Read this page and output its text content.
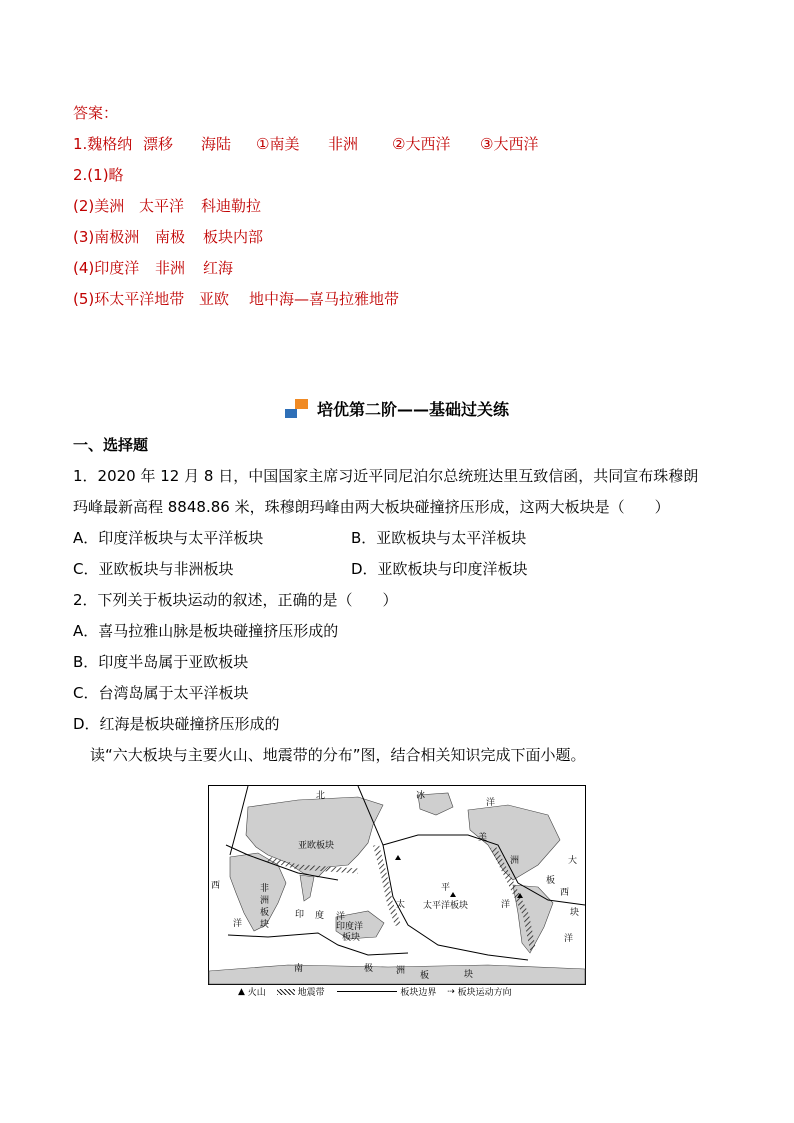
答案：
1.魏格纳 漂移 海陆 ①南美 非洲 ②大西洋 ③大西洋
2.(1)略
(2)美洲 太平洋 科迪勒拉
(3)南极洲 南极 板块内部
(4)印度洋 非洲 红海
(5)环太平洋地带 亚欧 地中海—喜马拉雅地带
培优第二阶——基础过关练
一、选择题
1．2020 年 12 月 8 日，中国国家主席习近平同尼泊尔总统班达里互致信函，共同宣布珠穆朗
玛峰最新高程 8848.86 米，珠穆朗玛峰由两大板块碰撞挤压形成，这两大板块是（　　）
A．印度洋板块与太平洋板块	B．亚欧板块与太平洋板块
C．亚欧板块与非洲板块	D．亚欧板块与印度洋板块
2．下列关于板块运动的叙述，正确的是（　　）
A．喜马拉雅山脉是板块碰撞挤压形成的
B．印度半岛属于亚欧板块
C．台湾岛属于太平洋板块
D．红海是板块碰撞挤压形成的
读“六大板块与主要火山、地震带的分布”图，结合相关知识完成下面小题。
北	冰
洋
亚欧板块
美
洲	大
西
洋
非
洲
板
块
印 度 洋
印度洋
板块
太
平
太平洋板块	洋
板
西
块
洋
南	极	洲 板	块
▲ 火山	地震带	板块边界 ⇢ 板块运动方向
